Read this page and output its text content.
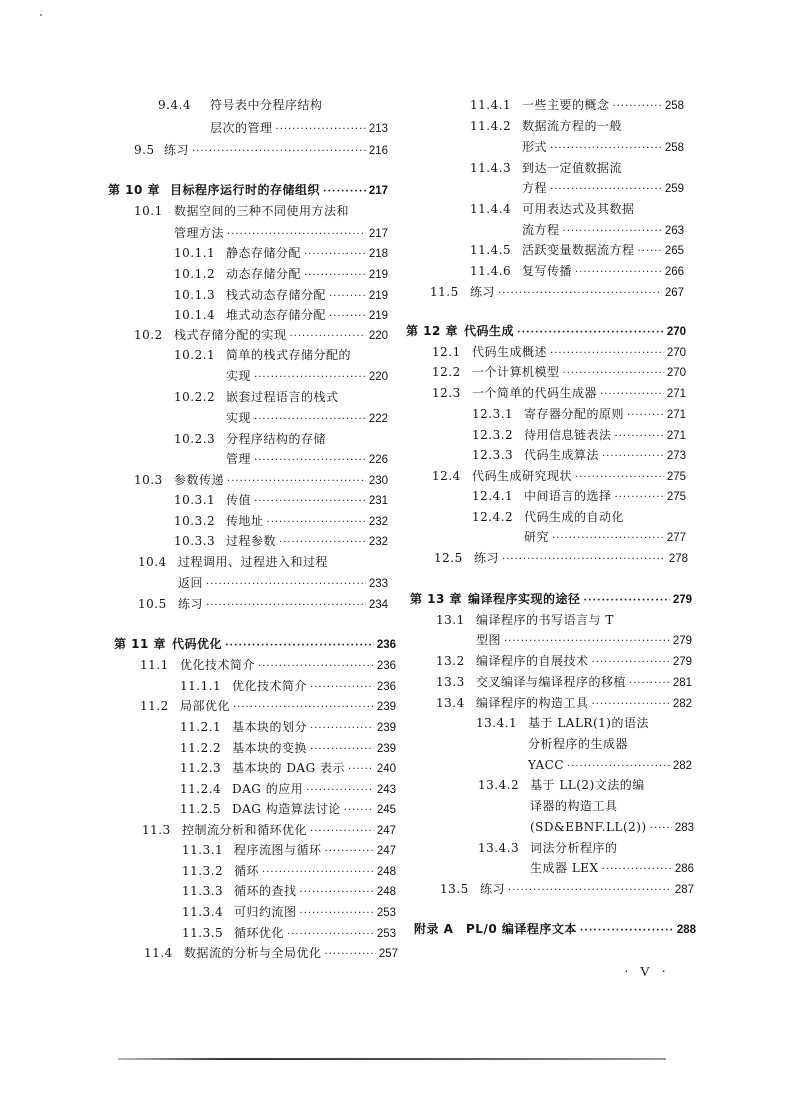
9.4.4	符号表中分程序结构
层次的管理 ·····	213
9.5 练习 ·····	216
第 10 章 目标程序运行时的存储组织 ·····	217
10.1 数据空间的三种不同使用方法和
管理方法 ·····	217
10.1.1 静态存储分配 ·····	218
10.1.2 动态存储分配 ·····	219
10.1.3 栈式动态存储分配 ·····	219
10.1.4 堆式动态存储分配 ·····	219
10.2 栈式存储分配的实现 ·····	220
10.2.1 简单的栈式存储分配的
实现 ·····	220
10.2.2 嵌套过程语言的栈式
实现 ·····	222
10.2.3 分程序结构的存储
管理 ·····	226
10.3 参数传递 ·····	230
10.3.1 传值 ·····	231
10.3.2 传地址 ·····	232
10.3.3 过程参数 ·····	232
10.4 过程调用、过程进入和过程
返回 ·····	233
10.5 练习 ·····	234
第 11 章 代码优化 ·····	236
11.1 优化技术简介 ·····	236
11.1.1 优化技术简介 ·····	236
11.2 局部优化 ·····	239
11.2.1 基本块的划分 ·····	239
11.2.2 基本块的变换 ·····	239
11.2.3 基本块的 DAG 表示 ·····	240
11.2.4 DAG 的应用 ·····	243
11.2.5 DAG 构造算法讨论 ·····	245
11.3 控制流分析和循环优化 ·····	247
11.3.1 程序流图与循环 ·····	247
11.3.2 循环 ·····	248
11.3.3 循环的查找 ·····	248
11.3.4 可归约流图 ·····	253
11.3.5 循环优化 ·····	253
11.4 数据流的分析与全局优化 ·····	257
11.4.1 一些主要的概念 ·····	258
11.4.2 数据流方程的一般
形式 ·····	258
11.4.3 到达一定值数据流
方程 ·····	259
11.4.4 可用表达式及其数据
流方程 ·····	263
11.4.5 活跃变量数据流方程 ·····	265
11.4.6 复写传播 ·····	266
11.5 练习 ·····	267
第 12 章 代码生成 ·····	270
12.1 代码生成概述 ·····	270
12.2 一个计算机模型 ·····	270
12.3 一个简单的代码生成器 ·····	271
12.3.1 寄存器分配的原则 ·····	271
12.3.2 待用信息链表法 ·····	271
12.3.3 代码生成算法 ·····	273
12.4 代码生成研究现状 ·····	275
12.4.1 中间语言的选择 ·····	275
12.4.2 代码生成的自动化
研究 ·····	277
12.5 练习 ·····	278
第 13 章 编译程序实现的途径 ·····	279
13.1 编译程序的书写语言与 T
型图 ·····	279
13.2 编译程序的自展技术 ·····	279
13.3 交叉编译与编译程序的移植 ·····	281
13.4 编译程序的构造工具 ·····	282
13.4.1 基于 LALR(1)的语法
分析程序的生成器
YACC ·····	282
13.4.2 基于 LL(2)文法的编
译器的构造工具
(SD&EBNF.LL(2)) ····· 283
13.4.3 词法分析程序的
生成器 LEX ·····	286
13.5 练习 ·····	287
附录 A	PL/0 编译程序文本 ·····	288
· V ·
